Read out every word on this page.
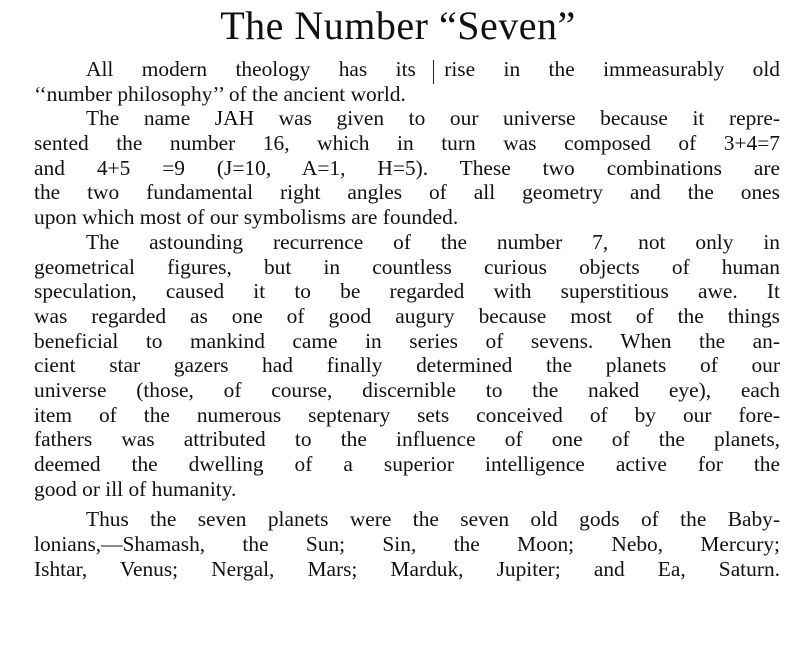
The Number “Seven”
All modern theology has its rise in the immeasurably old
‘‘number philosophy’’ of the ancient world.
The name JAH was given to our universe because it repre-
sented the number 16, which in turn was composed of 3+4=7
and 4+5 =9 (J=10, A=1, H=5). These two combinations are
the two fundamental right angles of all geometry and the ones
upon which most of our symbolisms are founded.
The astounding recurrence of the number 7, not only in
geometrical figures, but in countless curious objects of human
speculation, caused it to be regarded with superstitious awe. It
was regarded as one of good augury because most of the things
beneficial to mankind came in series of sevens. When the an-
cient star gazers had finally determined the planets of our
universe (those, of course, discernible to the naked eye), each
item of the numerous septenary sets conceived of by our fore-
fathers was attributed to the influence of one of the planets,
deemed the dwelling of a superior intelligence active for the
good or ill of humanity.
Thus the seven planets were the seven old gods of the Baby-
lonians,—Shamash, the Sun; Sin, the Moon; Nebo, Mercury;
Ishtar, Venus; Nergal, Mars; Marduk, Jupiter; and Ea, Saturn.
